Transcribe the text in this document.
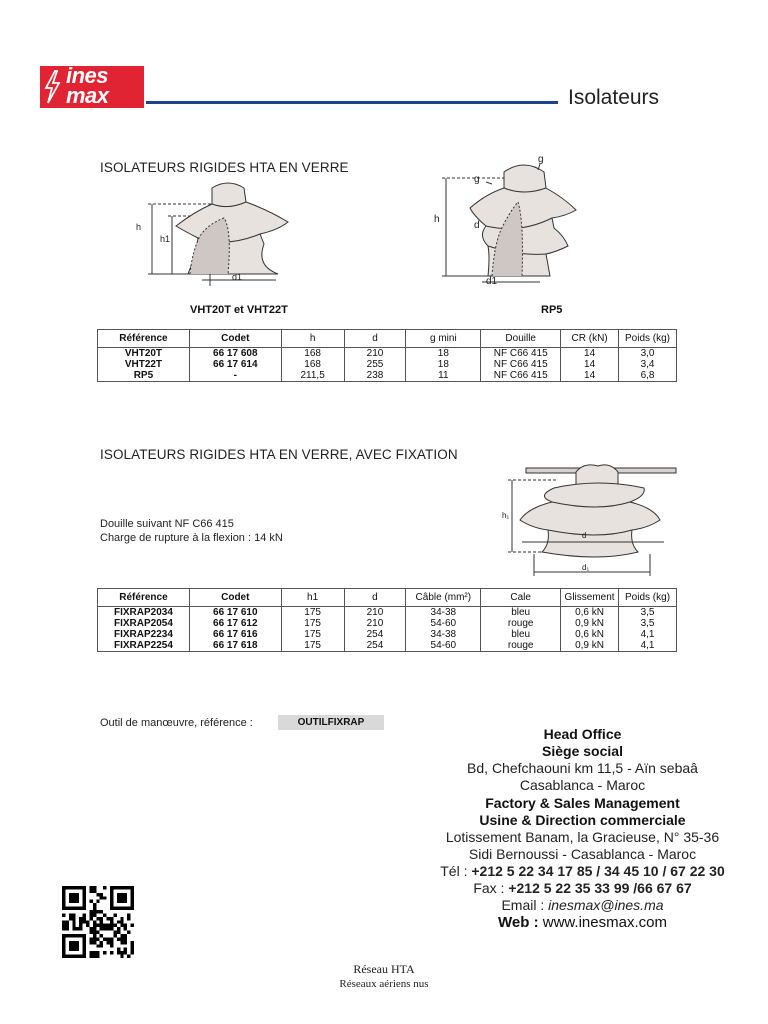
ines
max	Isolateurs
ISOLATEURS RIGIDES HTA EN VERRE
h
h1
d1
h
g
g
d
d1
VHT20T et VHT22T	RP5
Référence	Codet	h	d	g mini	Douille	CR (kN)	Poids (kg)
VHT20T	66 17 608	168	210	18	NF C66 415	14	3,0
VHT22T	66 17 614	168	255	18	NF C66 415	14	3,4
RP5	-	211,5	238	11	NF C66 415	14	6,8
ISOLATEURS RIGIDES HTA EN VERRE, AVEC FIXATION
h₁
d
d₁
Douille suivant NF C66 415
Charge de rupture à la flexion : 14 kN
Référence	Codet	h1	d	Câble (mm²)	Cale	Glissement	Poids (kg)
FIXRAP2034	66 17 610	175	210	34-38	bleu	0,6 kN	3,5
FIXRAP2054	66 17 612	175	210	54-60	rouge	0,9 kN	3,5
FIXRAP2234	66 17 616	175	254	34-38	bleu	0,6 kN	4,1
FIXRAP2254	66 17 618	175	254	54-60	rouge	0,9 kN	4,1
Outil de manœuvre, référence :	OUTILFIXRAP
Head Office
Siège social
Bd, Chefchaouni km 11,5 - Aïn sebaâ
Casablanca - Maroc
Factory & Sales Management
Usine & Direction commerciale
Lotissement Banam, la Gracieuse, N° 35-36
Sidi Bernoussi - Casablanca - Maroc
Tél : +212 5 22 34 17 85 / 34 45 10 / 67 22 30
Fax : +212 5 22 35 33 99 /66 67 67
Email : inesmax@ines.ma
Web : www.inesmax.com
Réseau HTA
Réseaux aériens nus
